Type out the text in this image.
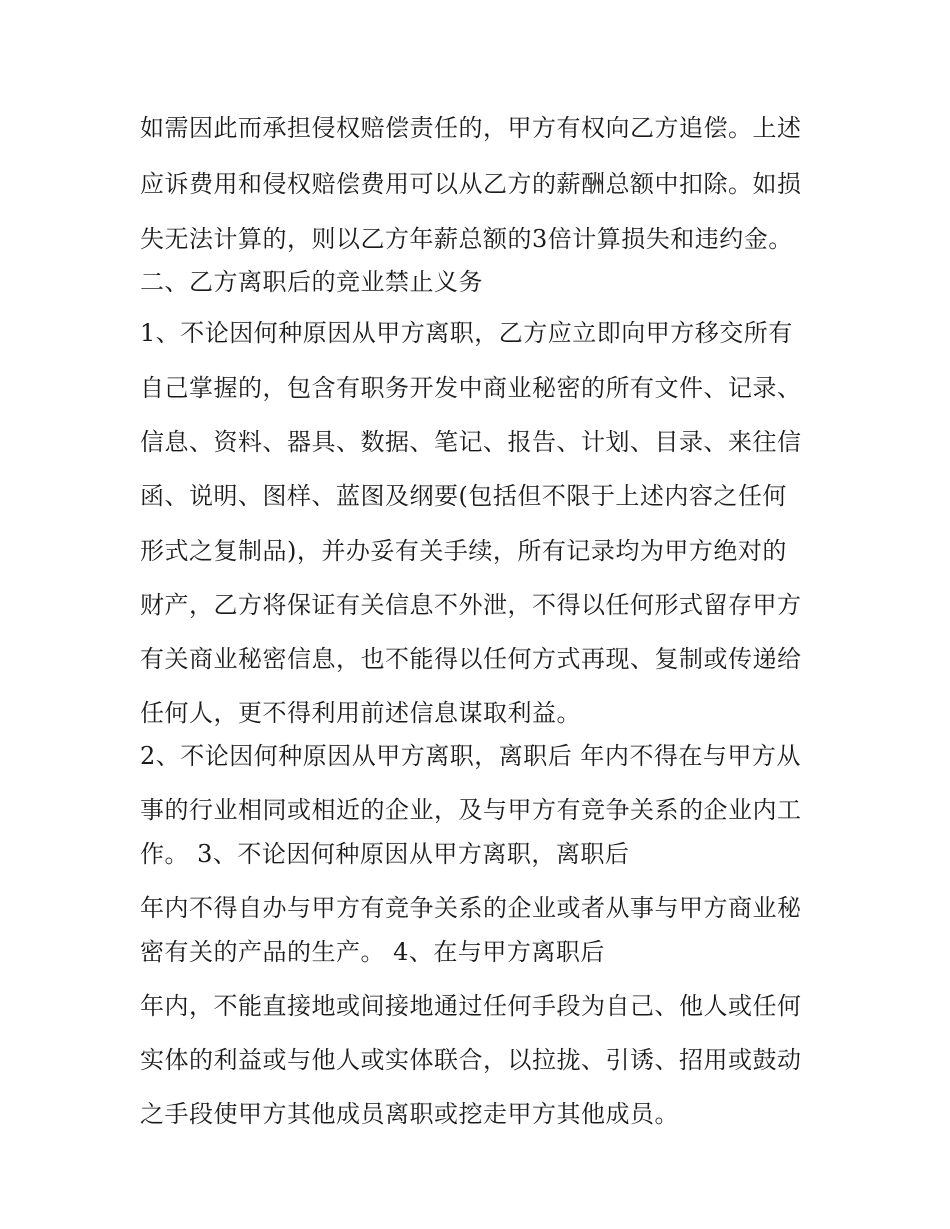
如需因此而承担侵权赔偿责任的，甲方有权向乙方追偿。上述
应诉费用和侵权赔偿费用可以从乙方的薪酬总额中扣除。如损
失无法计算的，则以乙方年薪总额的3倍计算损失和违约金。
二、乙方离职后的竞业禁止义务
1、不论因何种原因从甲方离职，乙方应立即向甲方移交所有
自己掌握的，包含有职务开发中商业秘密的所有文件、记录、
信息、资料、器具、数据、笔记、报告、计划、目录、来往信
函、说明、图样、蓝图及纲要(包括但不限于上述内容之任何
形式之复制品)，并办妥有关手续，所有记录均为甲方绝对的
财产，乙方将保证有关信息不外泄，不得以任何形式留存甲方
有关商业秘密信息，也不能得以任何方式再现、复制或传递给
任何人，更不得利用前述信息谋取利益。
2、不论因何种原因从甲方离职，离职后 年内不得在与甲方从
事的行业相同或相近的企业，及与甲方有竞争关系的企业内工
作。 3、不论因何种原因从甲方离职，离职后
年内不得自办与甲方有竞争关系的企业或者从事与甲方商业秘
密有关的产品的生产。 4、在与甲方离职后
年内，不能直接地或间接地通过任何手段为自己、他人或任何
实体的利益或与他人或实体联合，以拉拢、引诱、招用或鼓动
之手段使甲方其他成员离职或挖走甲方其他成员。
